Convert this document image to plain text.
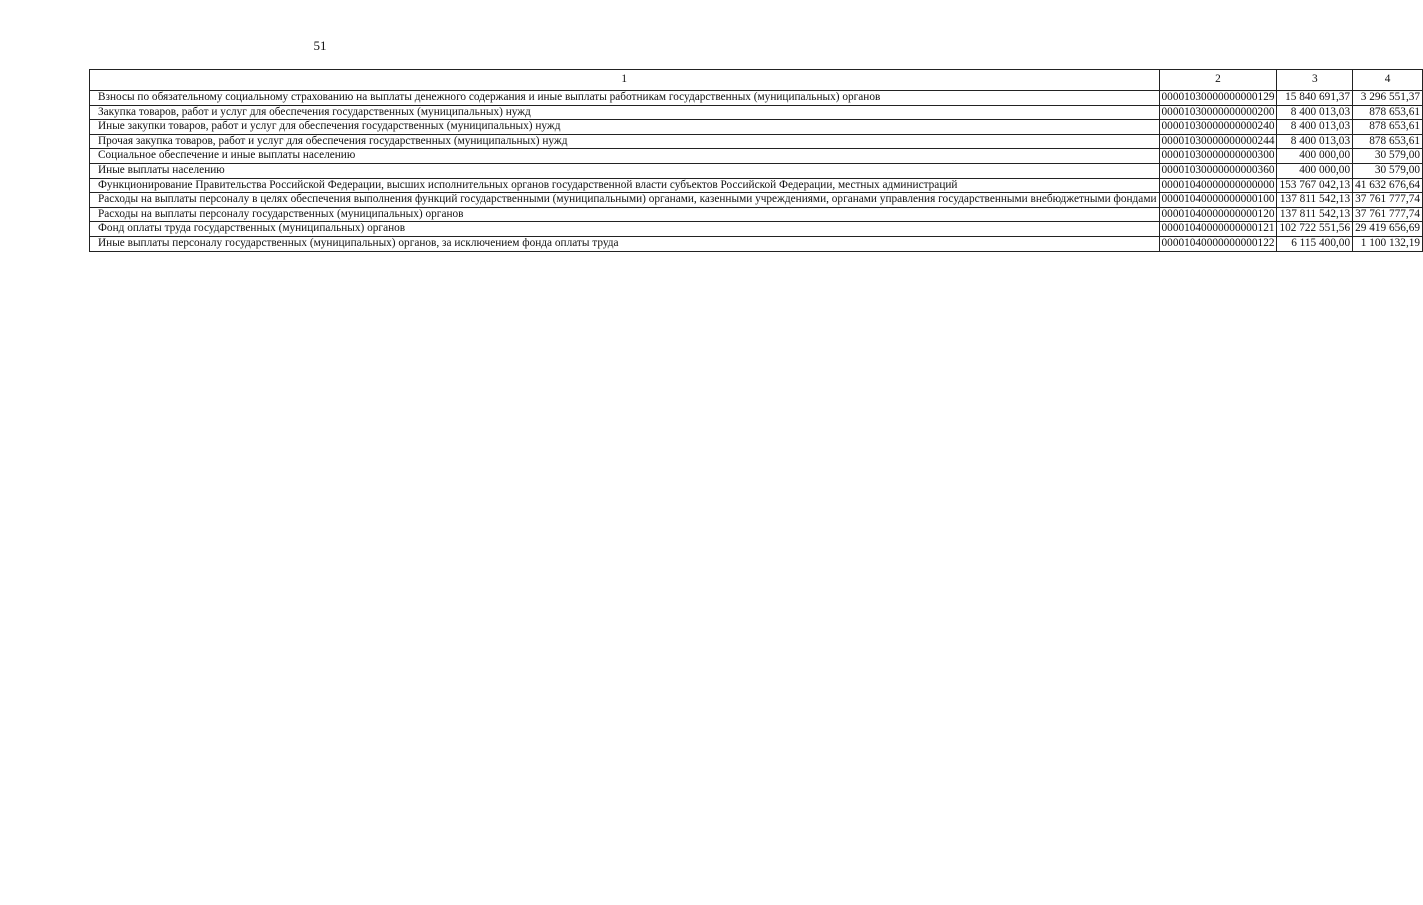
51
1	2	3	4
Взносы по обязательному социальному страхованию на выплаты денежного содержания и иные выплаты работникам государственных (муниципальных) органов	00001030000000000129	15 840 691,37	3 296 551,37
Закупка товаров, работ и услуг для обеспечения государственных (муниципальных) нужд	00001030000000000200	8 400 013,03	878 653,61
Иные закупки товаров, работ и услуг для обеспечения государственных (муниципальных) нужд	00001030000000000240	8 400 013,03	878 653,61
Прочая закупка товаров, работ и услуг для обеспечения государственных (муниципальных) нужд	00001030000000000244	8 400 013,03	878 653,61
Социальное обеспечение и иные выплаты населению	00001030000000000300	400 000,00	30 579,00
Иные выплаты населению	00001030000000000360	400 000,00	30 579,00
Функционирование Правительства Российской Федерации, высших исполнительных органов государственной власти субъектов Российской Федерации, местных администраций	00001040000000000000	153 767 042,13	41 632 676,64
Расходы на выплаты персоналу в целях обеспечения выполнения функций государственными (муниципальными) органами, казенными учреждениями, органами управления государственными внебюджетными фондами	00001040000000000100	137 811 542,13	37 761 777,74
Расходы на выплаты персоналу государственных (муниципальных) органов	00001040000000000120	137 811 542,13	37 761 777,74
Фонд оплаты труда государственных (муниципальных) органов	00001040000000000121	102 722 551,56	29 419 656,69
Иные выплаты персоналу государственных (муниципальных) органов, за исключением фонда оплаты труда	00001040000000000122	6 115 400,00	1 100 132,19
